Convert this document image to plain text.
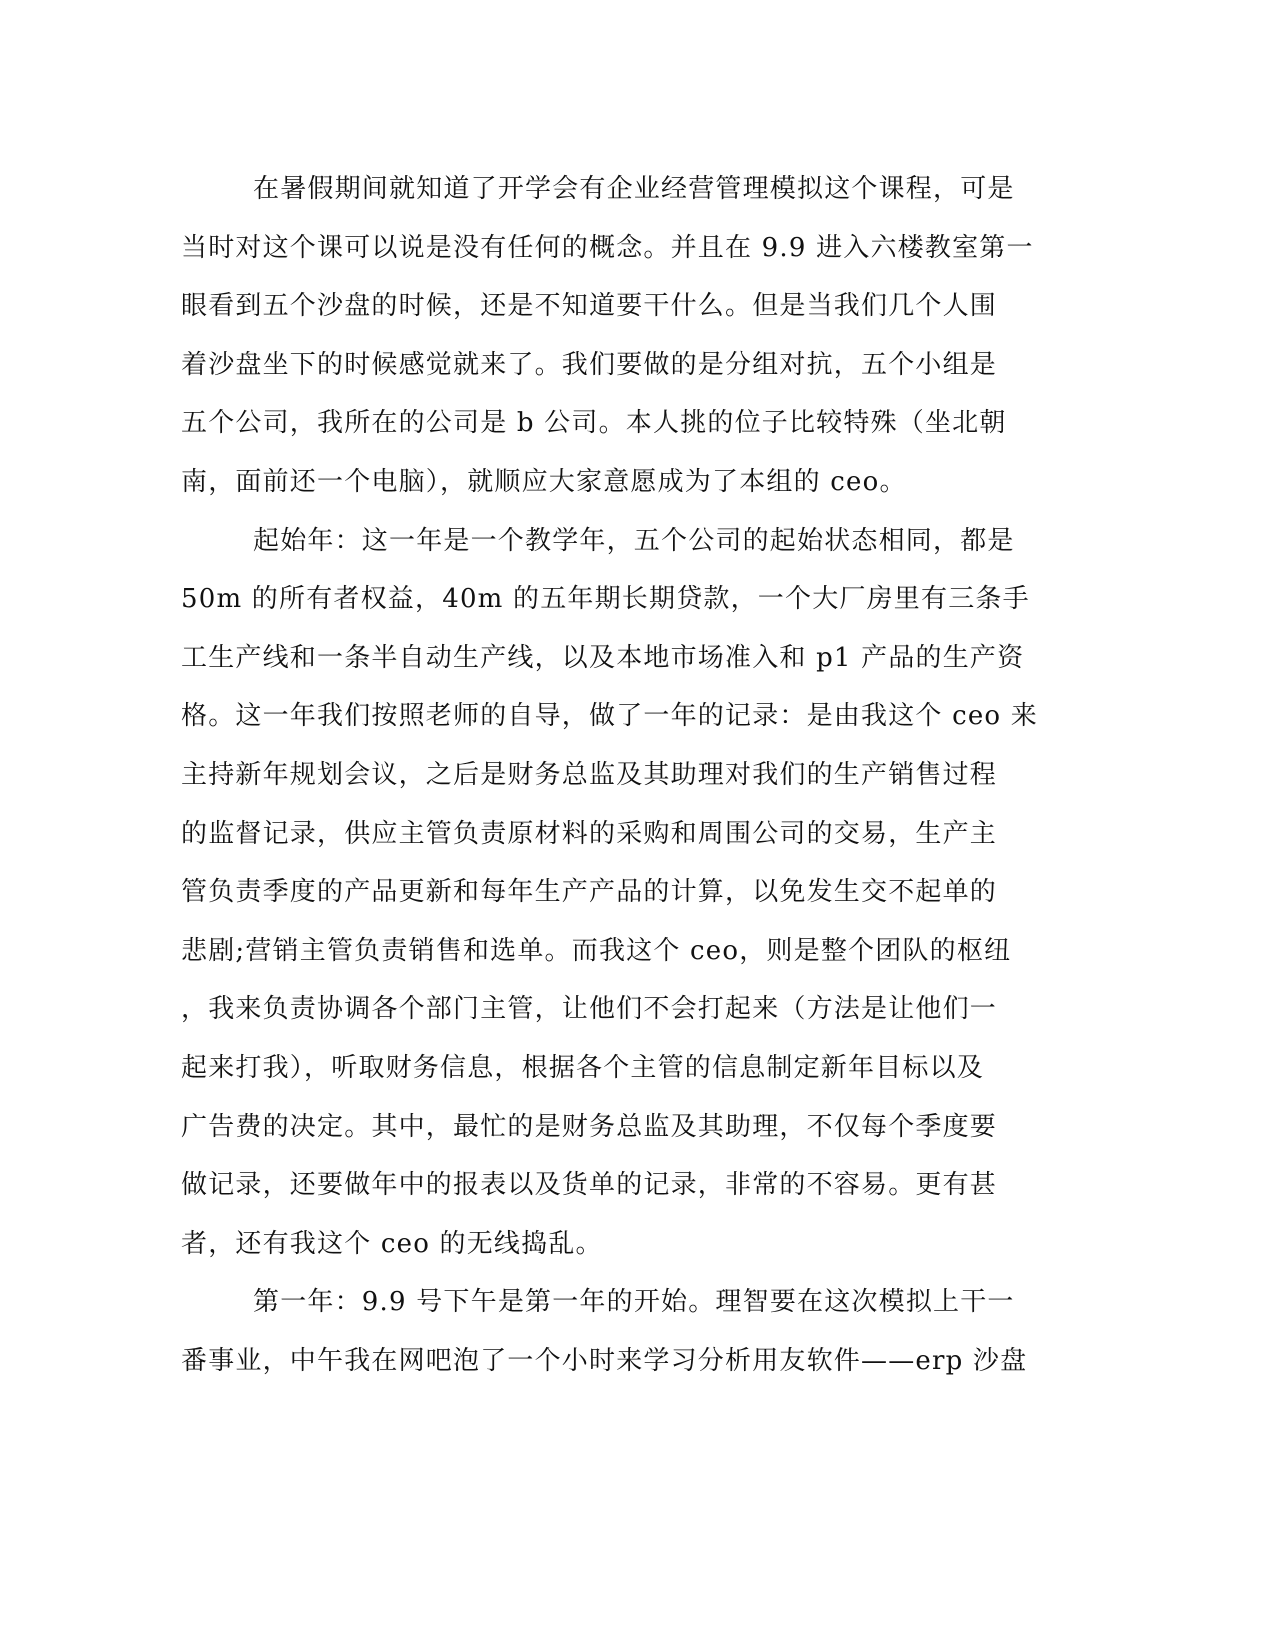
在暑假期间就知道了开学会有企业经营管理模拟这个课程，可是
当时对这个课可以说是没有任何的概念。并且在 9.9 进入六楼教室第一
眼看到五个沙盘的时候，还是不知道要干什么。但是当我们几个人围
着沙盘坐下的时候感觉就来了。我们要做的是分组对抗，五个小组是
五个公司，我所在的公司是 b 公司。本人挑的位子比较特殊（坐北朝
南，面前还一个电脑），就顺应大家意愿成为了本组的 ceo。
起始年：这一年是一个教学年，五个公司的起始状态相同，都是
50m 的所有者权益，40m 的五年期长期贷款，一个大厂房里有三条手
工生产线和一条半自动生产线，以及本地市场准入和 p1 产品的生产资
格。这一年我们按照老师的自导，做了一年的记录：是由我这个 ceo 来
主持新年规划会议，之后是财务总监及其助理对我们的生产销售过程
的监督记录，供应主管负责原材料的采购和周围公司的交易，生产主
管负责季度的产品更新和每年生产产品的计算，以免发生交不起单的
悲剧;营销主管负责销售和选单。而我这个 ceo，则是整个团队的枢纽
，我来负责协调各个部门主管，让他们不会打起来（方法是让他们一
起来打我），听取财务信息，根据各个主管的信息制定新年目标以及
广告费的决定。其中，最忙的是财务总监及其助理，不仅每个季度要
做记录，还要做年中的报表以及货单的记录，非常的不容易。更有甚
者，还有我这个 ceo 的无线捣乱。
第一年：9.9 号下午是第一年的开始。理智要在这次模拟上干一
番事业，中午我在网吧泡了一个小时来学习分析用友软件——erp 沙盘
